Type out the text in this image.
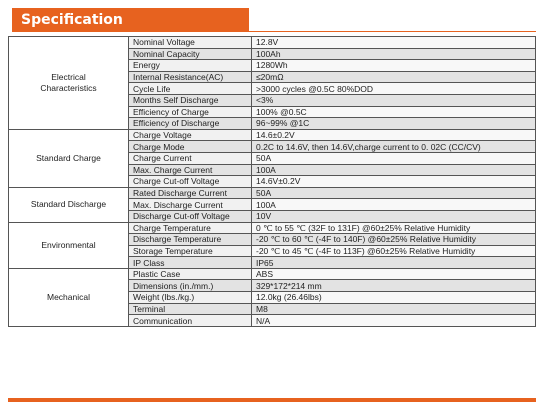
Specification
Electrical
Characteristics	Nominal Voltage	12.8V
	Nominal Capacity	100Ah
	Energy	1280Wh
	Internal Resistance(AC)	≤20mΩ
	Cycle Life	>3000 cycles @0.5C 80%DOD
	Months Self Discharge	<3%
	Efficiency of Charge	100% @0.5C
	Efficiency of Discharge	96~99% @1C
Standard Charge	Charge Voltage	14.6±0.2V
	Charge Mode	0.2C to 14.6V, then 14.6V,charge current to 0. 02C (CC/CV)
	Charge Current	50A
	Max. Charge Current	100A
	Charge Cut-off Voltage	14.6V±0.2V
Standard Discharge	Rated Discharge Current	50A
	Max. Discharge Current	100A
	Discharge Cut-off Voltage	10V
Environmental	Charge Temperature	0 ℃ to 55 ℃ (32F to 131F) @60±25% Relative Humidity
	Discharge Temperature	-20 ℃ to 60 ℃ (-4F to 140F) @60±25% Relative Humidity
	Storage Temperature	-20 ℃ to 45 ℃ (-4F to 113F) @60±25% Relative Humidity
	IP Class	IP65
Mechanical	Plastic Case	ABS
	Dimensions (in./mm.)	329*172*214 mm
	Weight (lbs./kg.)	12.0kg (26.46lbs)
	Terminal	M8
	Communication	N/A
